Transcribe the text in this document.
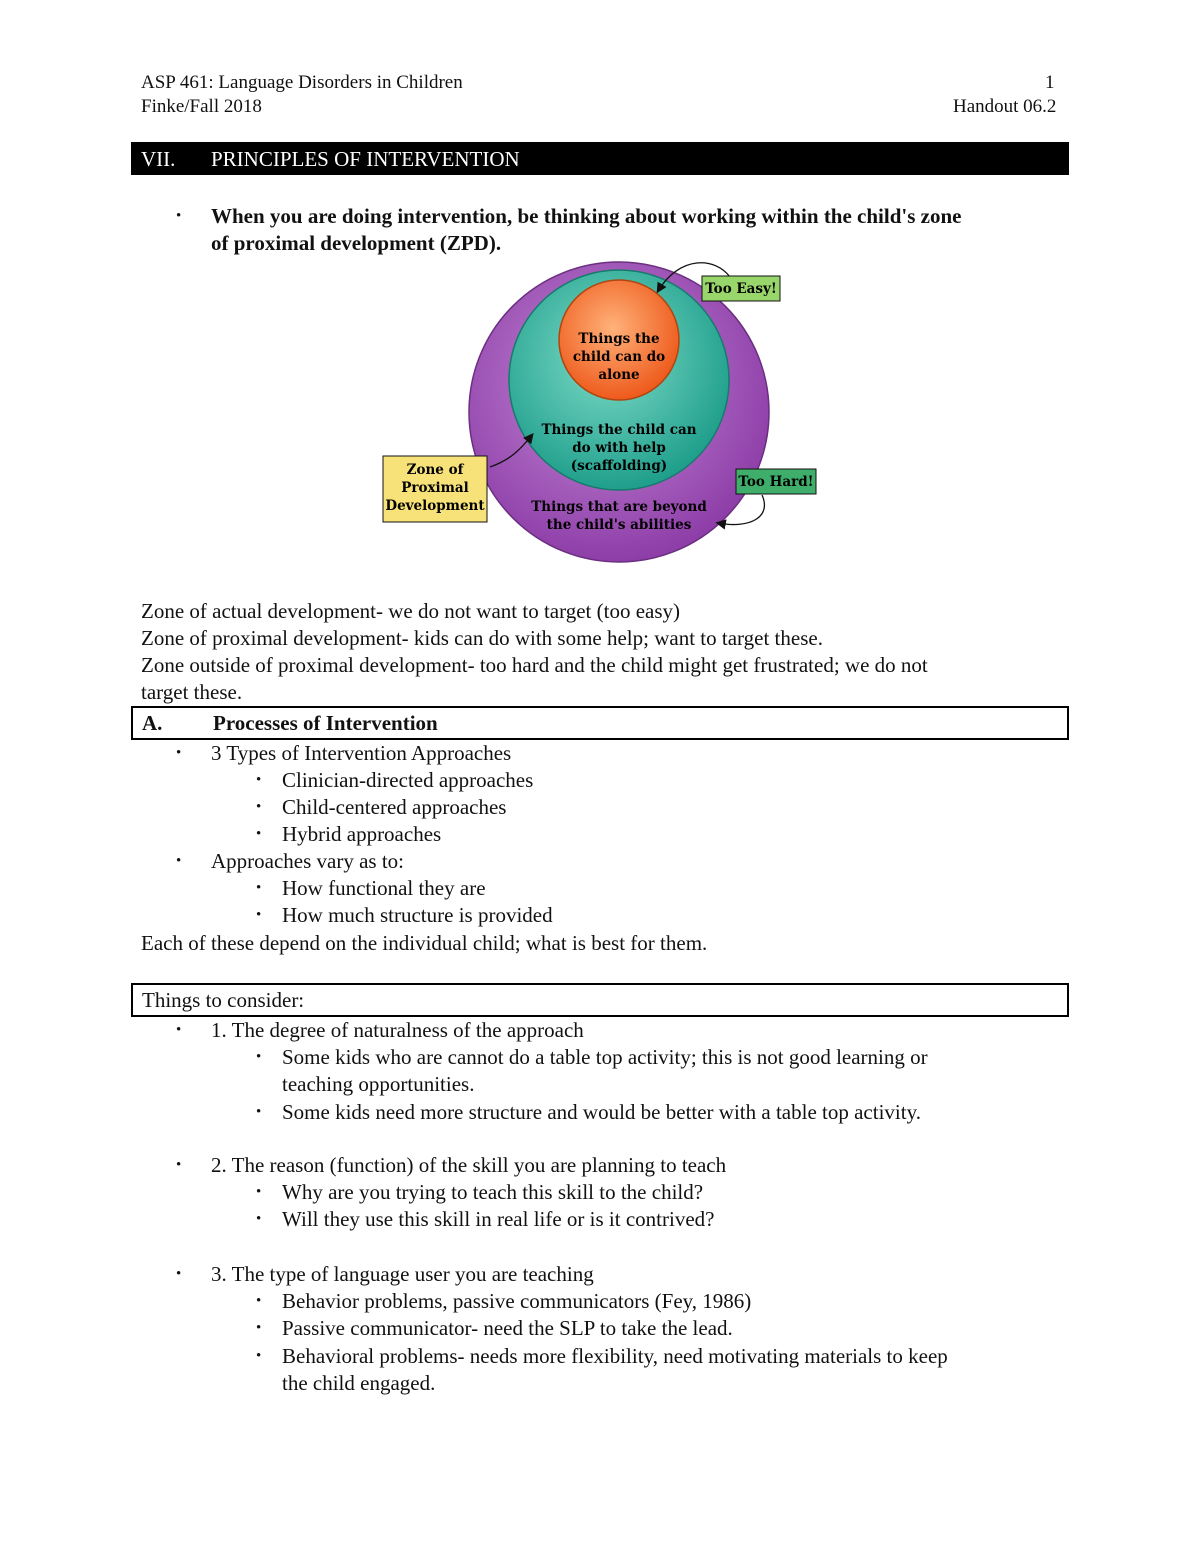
ASP 461: Language Disorders in Children	1
Finke/Fall 2018	Handout 06.2
VII. PRINCIPLES OF INTERVENTION
• When you are doing intervention, be thinking about working within the child's zone
of proximal development (ZPD).
Things the
child can do
alone
Things the child can
do with help
(scaffolding)
Things that are beyond
the child's abilities
Too Easy!
Too Hard!
Zone of
Proximal
Development
Zone of actual development- we do not want to target (too easy)
Zone of proximal development- kids can do with some help; want to target these.
Zone outside of proximal development- too hard and the child might get frustrated; we do not
target these.
A. Processes of Intervention
• 3 Types of Intervention Approaches
• Clinician-directed approaches
• Child-centered approaches
• Hybrid approaches
• Approaches vary as to:
• How functional they are
• How much structure is provided
Each of these depend on the individual child; what is best for them.
Things to consider:
• 1. The degree of naturalness of the approach
• Some kids who are cannot do a table top activity; this is not good learning or
teaching opportunities.
• Some kids need more structure and would be better with a table top activity.
• 2. The reason (function) of the skill you are planning to teach
• Why are you trying to teach this skill to the child?
• Will they use this skill in real life or is it contrived?
• 3. The type of language user you are teaching
• Behavior problems, passive communicators (Fey, 1986)
• Passive communicator- need the SLP to take the lead.
• Behavioral problems- needs more flexibility, need motivating materials to keep
the child engaged.
